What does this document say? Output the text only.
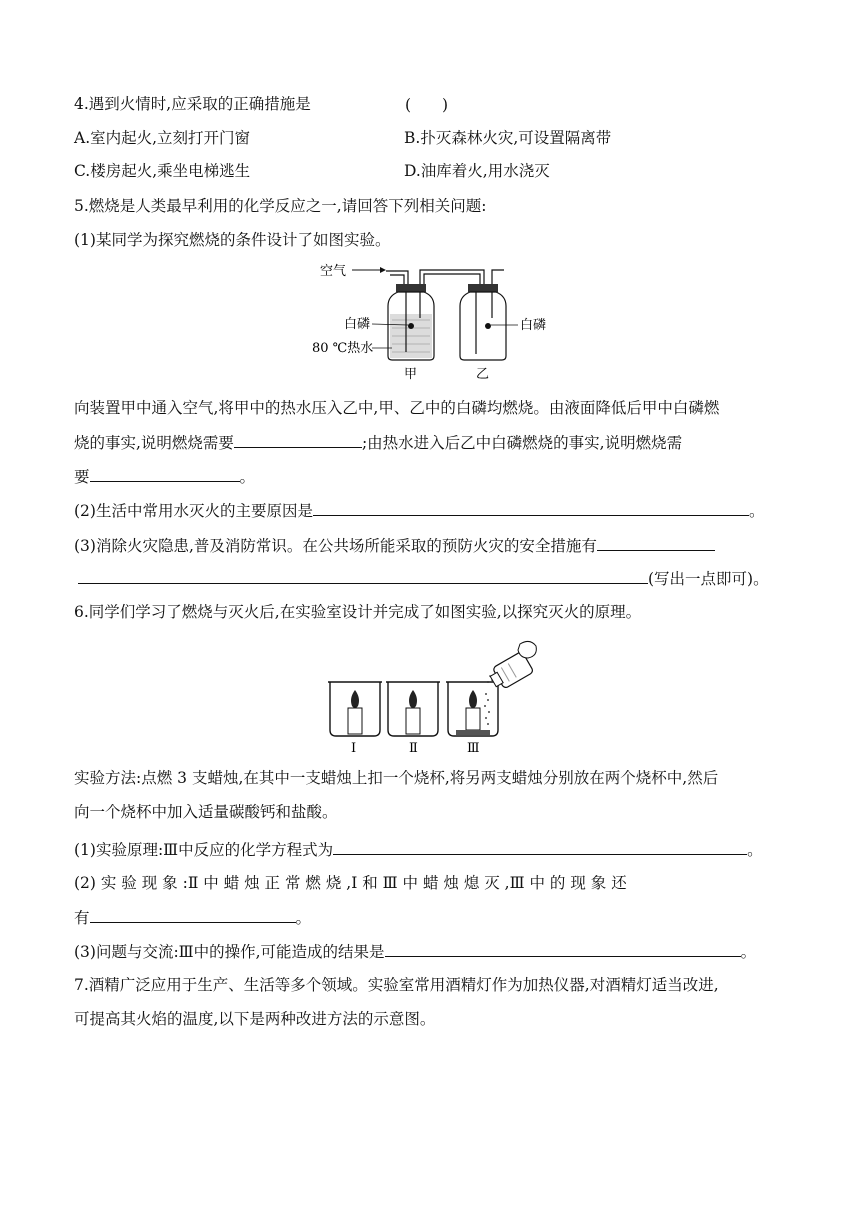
4.遇到火情时,应采取的正确措施是	(　　)
A.室内起火,立刻打开门窗	B.扑灭森林火灾,可设置隔离带
C.楼房起火,乘坐电梯逃生	D.油库着火,用水浇灭
5.燃烧是人类最早利用的化学反应之一,请回答下列相关问题:
(1)某同学为探究燃烧的条件设计了如图实验。
空气
白磷
80 ℃热水
白磷
甲	乙
向装置甲中通入空气,将甲中的热水压入乙中,甲、乙中的白磷均燃烧。由液面降低后甲中白磷燃
烧的事实,说明燃烧需要	;由热水进入后乙中白磷燃烧的事实,说明燃烧需
要	。
(2)生活中常用水灭火的主要原因是	。
(3)消除火灾隐患,普及消防常识。在公共场所能采取的预防火灾的安全措施有
(写出一点即可)。
6.同学们学习了燃烧与灭火后,在实验室设计并完成了如图实验,以探究灭火的原理。
Ⅰ	Ⅱ	Ⅲ
实验方法:点燃 3 支蜡烛,在其中一支蜡烛上扣一个烧杯,将另两支蜡烛分别放在两个烧杯中,然后
向一个烧杯中加入适量碳酸钙和盐酸。
(1)实验原理:Ⅲ中反应的化学方程式为	。
(2) 实 验 现 象 :Ⅱ 中 蜡 烛 正 常 燃 烧 ,Ⅰ 和 Ⅲ 中 蜡 烛 熄 灭 ,Ⅲ 中 的 现 象 还
有	。
(3)问题与交流:Ⅲ中的操作,可能造成的结果是	。
7.酒精广泛应用于生产、生活等多个领域。实验室常用酒精灯作为加热仪器,对酒精灯适当改进,
可提高其火焰的温度,以下是两种改进方法的示意图。
